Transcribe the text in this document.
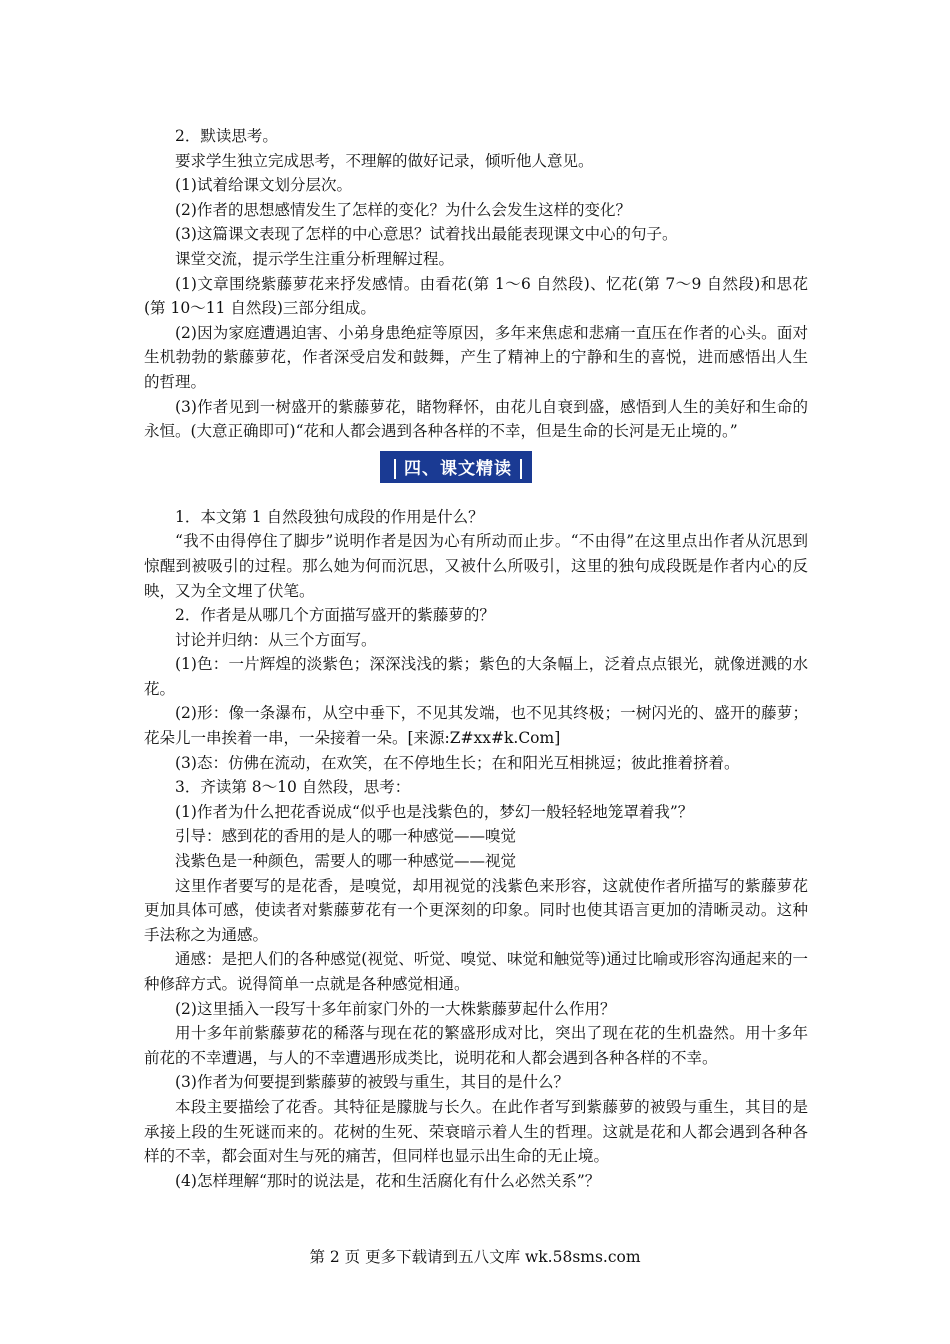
2．默读思考。

要求学生独立完成思考，不理解的做好记录，倾听他人意见。

(1)试着给课文划分层次。

(2)作者的思想感情发生了怎样的变化？为什么会发生这样的变化？

(3)这篇课文表现了怎样的中心意思？试着找出最能表现课文中心的句子。

课堂交流，提示学生注重分析理解过程。

(1)文章围绕紫藤萝花来抒发感情。由看花(第 1～6 自然段)、忆花(第 7～9 自然段)和思花(第 10～11 自然段)三部分组成。

(2)因为家庭遭遇迫害、小弟身患绝症等原因，多年来焦虑和悲痛一直压在作者的心头。面对生机勃勃的紫藤萝花，作者深受启发和鼓舞，产生了精神上的宁静和生的喜悦，进而感悟出人生的哲理。

(3)作者见到一树盛开的紫藤萝花，睹物释怀，由花儿自衰到盛，感悟到人生的美好和生命的永恒。(大意正确即可)“花和人都会遇到各种各样的不幸，但是生命的长河是无止境的。”

四、课文精读

1．本文第 1 自然段独句成段的作用是什么？

“我不由得停住了脚步”说明作者是因为心有所动而止步。“不由得”在这里点出作者从沉思到惊醒到被吸引的过程。那么她为何而沉思，又被什么所吸引，这里的独句成段既是作者内心的反映，又为全文埋了伏笔。

2．作者是从哪几个方面描写盛开的紫藤萝的？

讨论并归纳：从三个方面写。

(1)色：一片辉煌的淡紫色；深深浅浅的紫；紫色的大条幅上，泛着点点银光，就像迸溅的水花。

(2)形：像一条瀑布，从空中垂下，不见其发端，也不见其终极；一树闪光的、盛开的藤萝；花朵儿一串挨着一串，一朵接着一朵。[来源:Z#xx#k.Com]

(3)态：仿佛在流动，在欢笑，在不停地生长；在和阳光互相挑逗；彼此推着挤着。

3．齐读第 8～10 自然段，思考：

(1)作者为什么把花香说成“似乎也是浅紫色的，梦幻一般轻轻地笼罩着我”？

引导：感到花的香用的是人的哪一种感觉——嗅觉

浅紫色是一种颜色，需要人的哪一种感觉——视觉

这里作者要写的是花香，是嗅觉，却用视觉的浅紫色来形容，这就使作者所描写的紫藤萝花更加具体可感，使读者对紫藤萝花有一个更深刻的印象。同时也使其语言更加的清晰灵动。这种手法称之为通感。

通感：是把人们的各种感觉(视觉、听觉、嗅觉、味觉和触觉等)通过比喻或形容沟通起来的一种修辞方式。说得简单一点就是各种感觉相通。

(2)这里插入一段写十多年前家门外的一大株紫藤萝起什么作用？

用十多年前紫藤萝花的稀落与现在花的繁盛形成对比，突出了现在花的生机盎然。用十多年前花的不幸遭遇，与人的不幸遭遇形成类比，说明花和人都会遇到各种各样的不幸。

(3)作者为何要提到紫藤萝的被毁与重生，其目的是什么？

本段主要描绘了花香。其特征是朦胧与长久。在此作者写到紫藤萝的被毁与重生，其目的是承接上段的生死谜而来的。花树的生死、荣衰暗示着人生的哲理。这就是花和人都会遇到各种各样的不幸，都会面对生与死的痛苦，但同样也显示出生命的无止境。

(4)怎样理解“那时的说法是，花和生活腐化有什么必然关系”？

第 2 页 更多下载请到五八文库 wk.58sms.com
